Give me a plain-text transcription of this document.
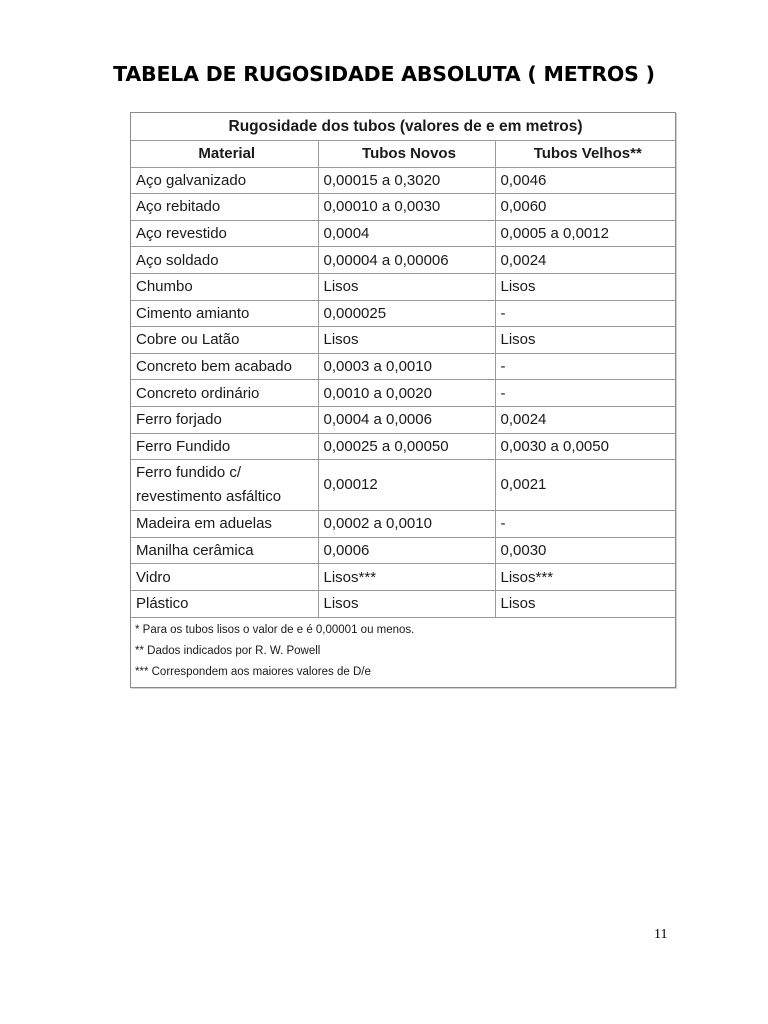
TABELA DE RUGOSIDADE ABSOLUTA ( METROS )
Rugosidade dos tubos (valores de e em metros)		
Material	Tubos Novos	Tubos Velhos**
Aço galvanizado	0,00015 a 0,3020	0,0046
Aço rebitado	0,00010 a 0,0030	0,0060
Aço revestido	0,0004	0,0005 a 0,0012
Aço soldado	0,00004 a 0,00006	0,0024
Chumbo	Lisos	Lisos
Cimento amianto	0,000025	-
Cobre ou Latão	Lisos	Lisos
Concreto bem acabado	0,0003 a 0,0010	-
Concreto ordinário	0,0010 a 0,0020	-
Ferro forjado	0,0004 a 0,0006	0,0024
Ferro Fundido	0,00025 a 0,00050	0,0030 a 0,0050
Ferro fundido c/ revestimento asfáltico	0,00012	0,0021
Madeira em aduelas	0,0002 a 0,0010	-
Manilha cerâmica	0,0006	0,0030
Vidro	Lisos***	Lisos***
Plástico	Lisos	Lisos

* Para os tubos lisos o valor de e é 0,00001 ou menos.
** Dados indicados por R. W. Powell
*** Correspondem aos maiores valores de D/e		
11
